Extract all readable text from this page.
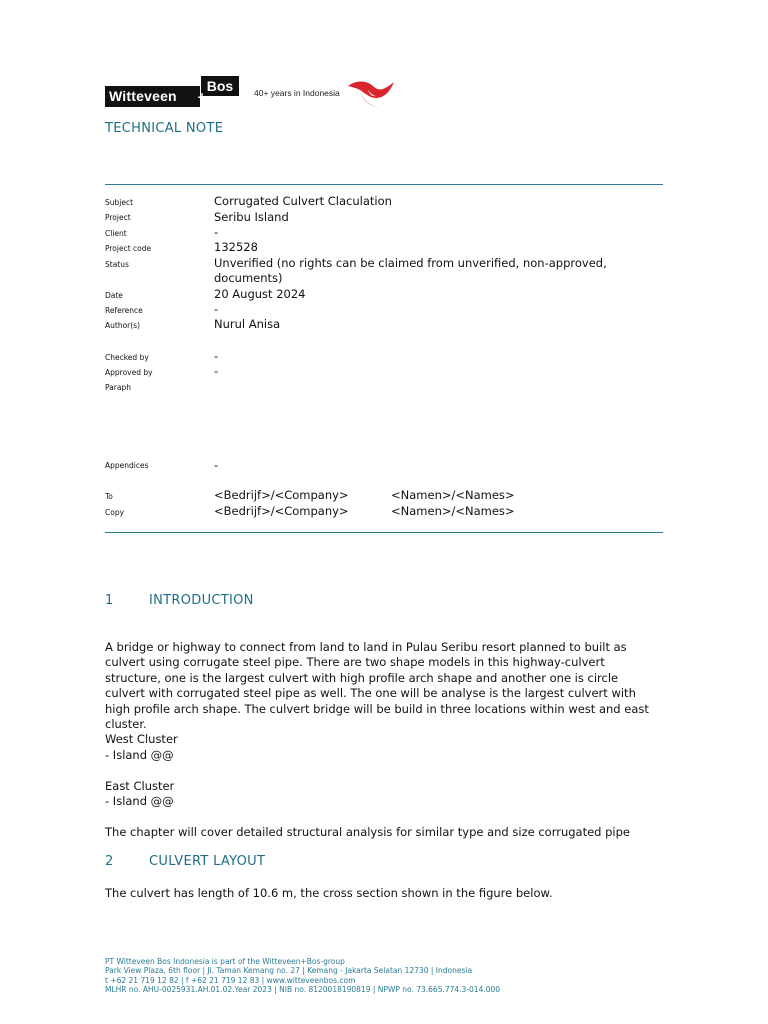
Witteveen
Bos
+	40+ years in Indonesia
TECHNICAL NOTE
Subject	Corrugated Culvert Claculation
Project	Seribu Island
Client	-
Project code	132528
Status	Unverified (no rights can be claimed from unverified, non-approved,
documents)
Date	20 August 2024
Reference	-
Author(s)	Nurul Anisa
Checked by	-
Approved by	-
Paraph
Appendices	-
To	<Bedrijf>/<Company>	<Namen>/<Names>
Copy	<Bedrijf>/<Company>	<Namen>/<Names>
1	INTRODUCTION
A bridge or highway to connect from land to land in Pulau Seribu resort planned to built as
culvert using corrugate steel pipe. There are two shape models in this highway-culvert
structure, one is the largest culvert with high profile arch shape and another one is circle
culvert with corrugated steel pipe as well. The one will be analyse is the largest culvert with
high profile arch shape. The culvert bridge will be build in three locations within west and east
cluster.
West Cluster
- Island @@
East Cluster
- Island @@
The chapter will cover detailed structural analysis for similar type and size corrugated pipe
2	CULVERT LAYOUT
The culvert has length of 10.6 m, the cross section shown in the figure below.
PT Witteveen Bos Indonesia is part of the Witteveen+Bos-group
Park View Plaza, 6th floor | Jl. Taman Kemang no. 27 | Kemang - Jakarta Selatan 12730 | Indonesia
t +62 21 719 12 82 | f +62 21 719 12 83 | www.witteveenbos.com
MLHR no. AHU-0025931.AH.01.02.Year 2023 | NIB no. 8120018190819 | NPWP no. 73.665.774.3-014.000
